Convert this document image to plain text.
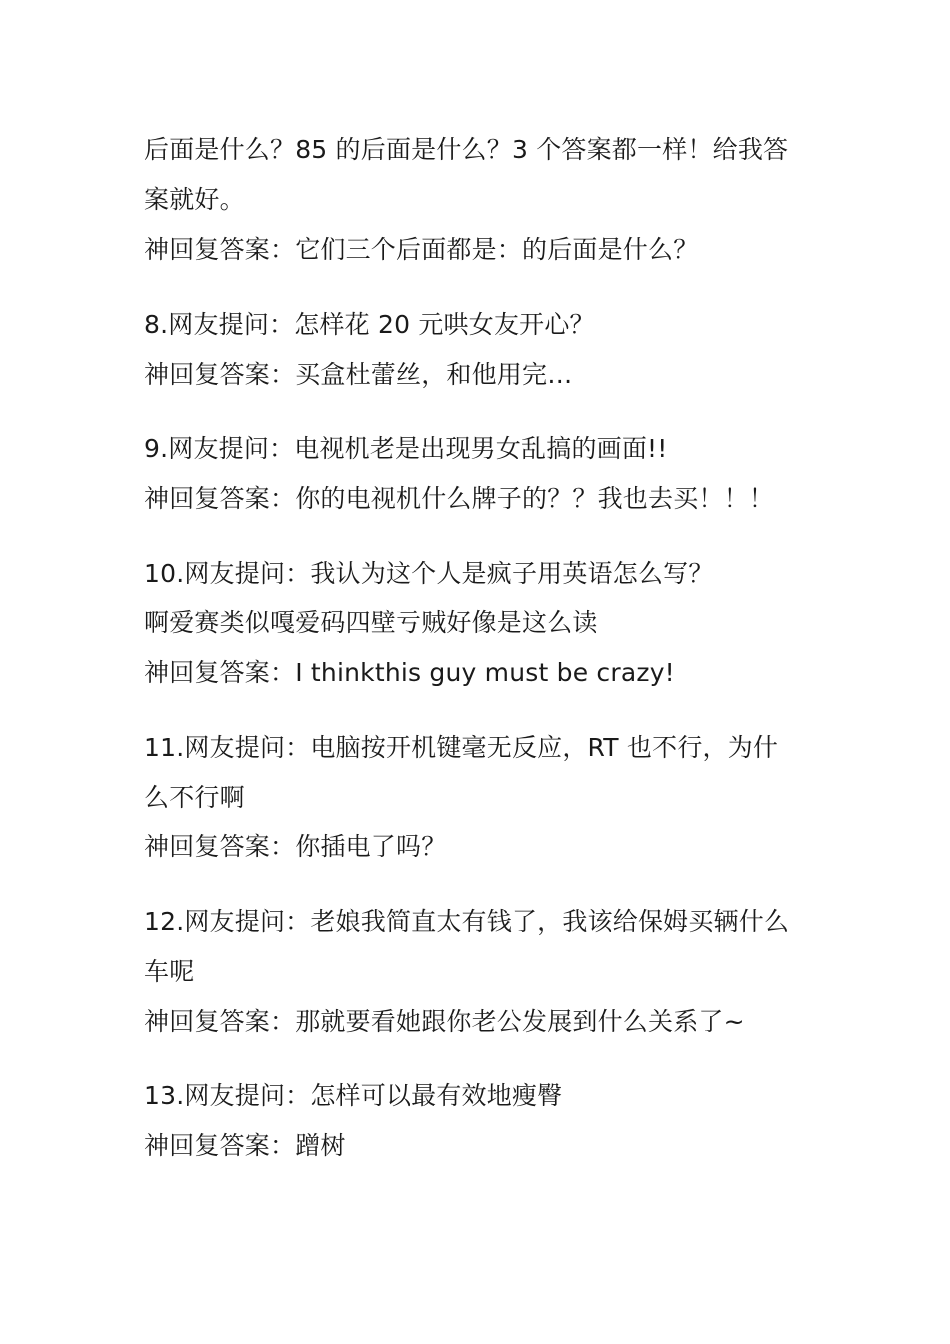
后面是什么？85 的后面是什么？3 个答案都一样！给我答
案就好。
神回复答案：它们三个后面都是：的后面是什么？
8.网友提问：怎样花 20 元哄女友开心？
神回复答案：买盒杜蕾丝，和他用完…
9.网友提问：电视机老是出现男女乱搞的画面!!
神回复答案：你的电视机什么牌子的？？我也去买！！！
10.网友提问：我认为这个人是疯子用英语怎么写？
啊爱赛类似嘎爱码四壁亏贼好像是这么读
神回复答案：I thinkthis guy must be crazy!
11.网友提问：电脑按开机键毫无反应，RT 也不行，为什
么不行啊
神回复答案：你插电了吗？
12.网友提问：老娘我简直太有钱了，我该给保姆买辆什么
车呢
神回复答案：那就要看她跟你老公发展到什么关系了~
13.网友提问：怎样可以最有效地瘦臀
神回复答案：蹭树
